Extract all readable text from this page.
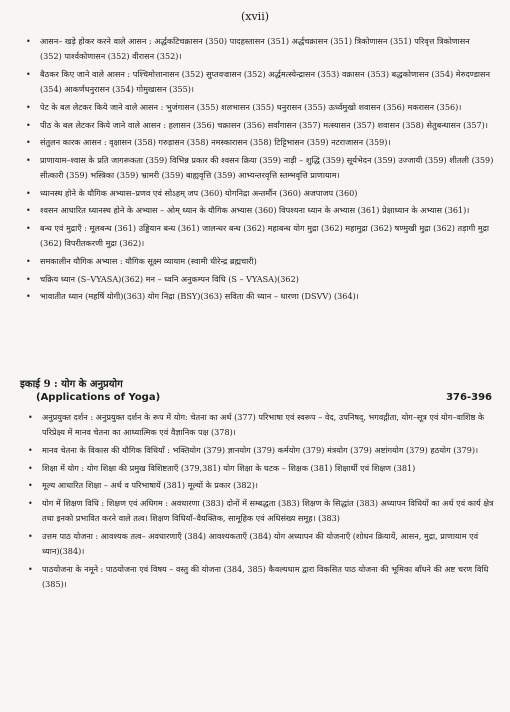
(xvii)
• आसन– खड़े होकर करने वाले आसन : अर्द्धकटिचक्रासन (350) पादहस्तासन (351) अर्द्धचक्रासन (351) त्रिकोणासन (351) परिवृत्त त्रिकोणासन (352) पार्श्वकोणासन (352) वीरासन (352)।
• बैठकर किए जाने वाले आसन : पश्चिमोत्तानासन (352) सुप्तवज्रासन (352) अर्द्धमत्स्येन्द्रासन (353) वक्रासन (353) बद्धकोणासन (354) मेरुदण्डासन (354) आकर्णधनुरासन (354) गोमुखासन (355)।
• पेट के बल लेटकर किये जाने वाले आसन : भुजंगासन (355) शलभासन (355) धनुरासन (355) ऊर्ध्वमुखो शवासन (356) मकरासन (356)।
• पीठ के बल लेटकर किये जाने वाले आसन : हलासन (356) चक्रासन (356) सर्वांगासन (357) मत्स्यासन (357) शवासन (358) सेतुबन्धासन (357)।
• संतुलन कारक आसन : वृक्षासन (358) गरुड़ासन (358) नमस्कारासन (358) टिट्टिभासन (359) नटराजासन (359)।
• प्राणायाम–श्वास के प्रति जागरूकता (359) विभिन्न प्रकार की श्वसन क्रिया (359) नाड़ी – शुद्धि (359) सूर्यभेदन (359) उज्जायी (359) शीतली (359) सीत्कारी (359) भस्त्रिका (359) भ्रामरी (359) बाह्यवृत्ति (359) आभ्यन्तरवृत्ति स्तम्भवृत्ति प्राणायाम।
• ध्यानस्थ होने के यौगिक अभ्यास–प्रणव एवं सोऽहम् जप (360) योगनिद्रा अन्तर्मौन (360) अजपाजप (360)
• श्वसन आधारित ध्यानस्थ होने के अभ्यास – ओम् ध्यान के यौगिक अभ्यास (360) विपश्यना ध्यान के अभ्यास (361) प्रेक्षाध्यान के अभ्यास (361)।
• बन्ध एवं मुद्राएँ : मूलबन्ध (361) उड्डियान बन्ध (361) जालन्धर बन्ध (362) महाबन्ध योग मुद्रा (362) महामुद्रा (362) षण्मुखी मुद्रा (362) तड़ागी मुद्रा (362) विपरीतकरणी मुद्रा (362)।
• समकालीन यौगिक अभ्यास : यौगिक सूक्ष्म व्यायाम (स्वामी धीरेन्द्र ब्रह्मचारी)
• चक्रिय ध्यान (S–VYASA)(362) मन – ध्वनि अनुकम्पन विधि (S – VYASA)(362)
• भावातीत ध्यान (महर्षि योगी)(363) योग निद्रा (BSY)(363) सविता की ध्यान – धारणा (DSVV) (364)।
इकाई 9 : योग के अनुप्रयोग
(Applications of Yoga)	376-396
• अनुप्रयुक्त दर्शन : अनुप्रयुक्त दर्शन के रूप में योग: चेतना का अर्थ (377) परिभाषा एवं स्वरूप – वेद, उपनिषद्, भगवद्गीता, योग–सूत्र एवं योग–वाशिष्ठ के परिप्रेक्ष्य में मानव चेतना का आध्यात्मिक एवं वैज्ञानिक पक्ष (378)।
• मानव चेतना के विकास की यौगिक विधियाँ : भक्तियोग (379) ज्ञानयोग (379) कर्मयोग (379) मंत्रयोग (379) अष्टांगयोग (379) हठयोग (379)।
• शिक्षा में योग : योग शिक्षा की प्रमुख विशिष्टताएँ (379,381) योग शिक्षा के घटक – शिक्षक (381) शिक्षार्थी एवं शिक्षण (381)
• मूल्य आधारित शिक्षा – अर्थ व परिभाषायें (381) मूल्यों के प्रकार (382)।
• योग में शिक्षण विधि : शिक्षण एवं अधिगम : अवधारणा (383) दोनों में सम्बद्धता (383) शिक्षण के सिद्धांत (383) अध्यापन विधियों का अर्थ एवं कार्य क्षेत्र तथा इनको प्रभावित करने वाले तत्व। शिक्षण विधियाँ–वैयक्तिक, सामूहिक एवं अधिसंख्य समूह। (383)
• उत्तम पाठ योजना : आवश्यक तत्व– अवधारणाएँ (384) आवश्यकताएँ (384) योग अध्यापन की योजनाएँ (शोधन क्रियायें, आसन, मुद्रा, प्राणायाम एवं ध्यान)(384)।
• पाठयोजना के नमूने : पाठयोजना एवं विषय – वस्तु की योजना (384, 385) कैवल्यधाम द्वारा विकसित पाठ योजना की भूमिका बाँधने की अष्ट चरण विधि (385)।
